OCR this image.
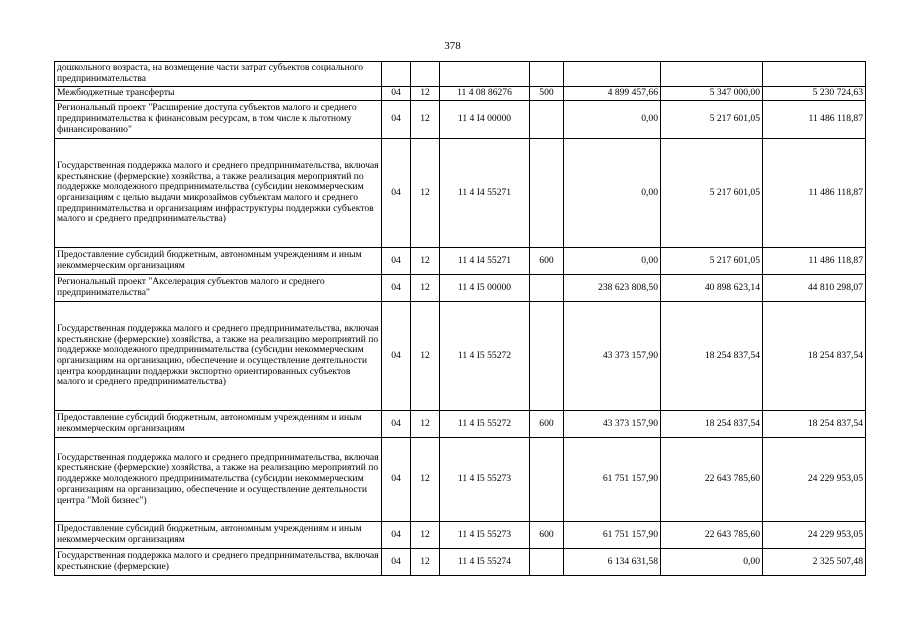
378
дошкольного возраста, на возмещение части затрат субъектов социального предпринимательства							
Межбюджетные трансферты	04	12	11 4 08 86276	500	4 899 457,66	5 347 000,00	5 230 724,63
Региональный проект "Расширение доступа субъектов малого и среднего предпринимательства к финансовым ресурсам, в том числе к льготному финансированию"	04	12	11 4 I4 00000		0,00	5 217 601,05	11 486 118,87
Государственная поддержка малого и среднего предпринимательства, включая крестьянские (фермерские) хозяйства, а также реализация мероприятий по поддержке молодежного предпринимательства (субсидии некоммерческим организациям с целью выдачи микрозаймов субъектам малого и среднего предпринимательства и организациям инфраструктуры поддержки субъектов малого и среднего предпринимательства)	04	12	11 4 I4 55271		0,00	5 217 601,05	11 486 118,87
Предоставление субсидий бюджетным, автономным учреждениям и иным некоммерческим организациям	04	12	11 4 I4 55271	600	0,00	5 217 601,05	11 486 118,87
Региональный проект "Акселерация субъектов малого и среднего предпринимательства"	04	12	11 4 I5 00000		238 623 808,50	40 898 623,14	44 810 298,07
Государственная поддержка малого и среднего предпринимательства, включая крестьянские (фермерские) хозяйства, а также на реализацию мероприятий по поддержке молодежного предпринимательства (субсидии некоммерческим организациям на организацию, обеспечение и осуществление деятельности центра координации поддержки экспортно ориентированных субъектов малого и среднего предпринимательства)	04	12	11 4 I5 55272		43 373 157,90	18 254 837,54	18 254 837,54
Предоставление субсидий бюджетным, автономным учреждениям и иным некоммерческим организациям	04	12	11 4 I5 55272	600	43 373 157,90	18 254 837,54	18 254 837,54
Государственная поддержка малого и среднего предпринимательства, включая крестьянские (фермерские) хозяйства, а также на реализацию мероприятий по поддержке молодежного предпринимательства (субсидии некоммерческим организациям на организацию, обеспечение и осуществление деятельности центра "Мой бизнес")	04	12	11 4 I5 55273		61 751 157,90	22 643 785,60	24 229 953,05
Предоставление субсидий бюджетным, автономным учреждениям и иным некоммерческим организациям	04	12	11 4 I5 55273	600	61 751 157,90	22 643 785,60	24 229 953,05
Государственная поддержка малого и среднего предпринимательства, включая крестьянские (фермерские)	04	12	11 4 I5 55274		6 134 631,58	0,00	2 325 507,48
